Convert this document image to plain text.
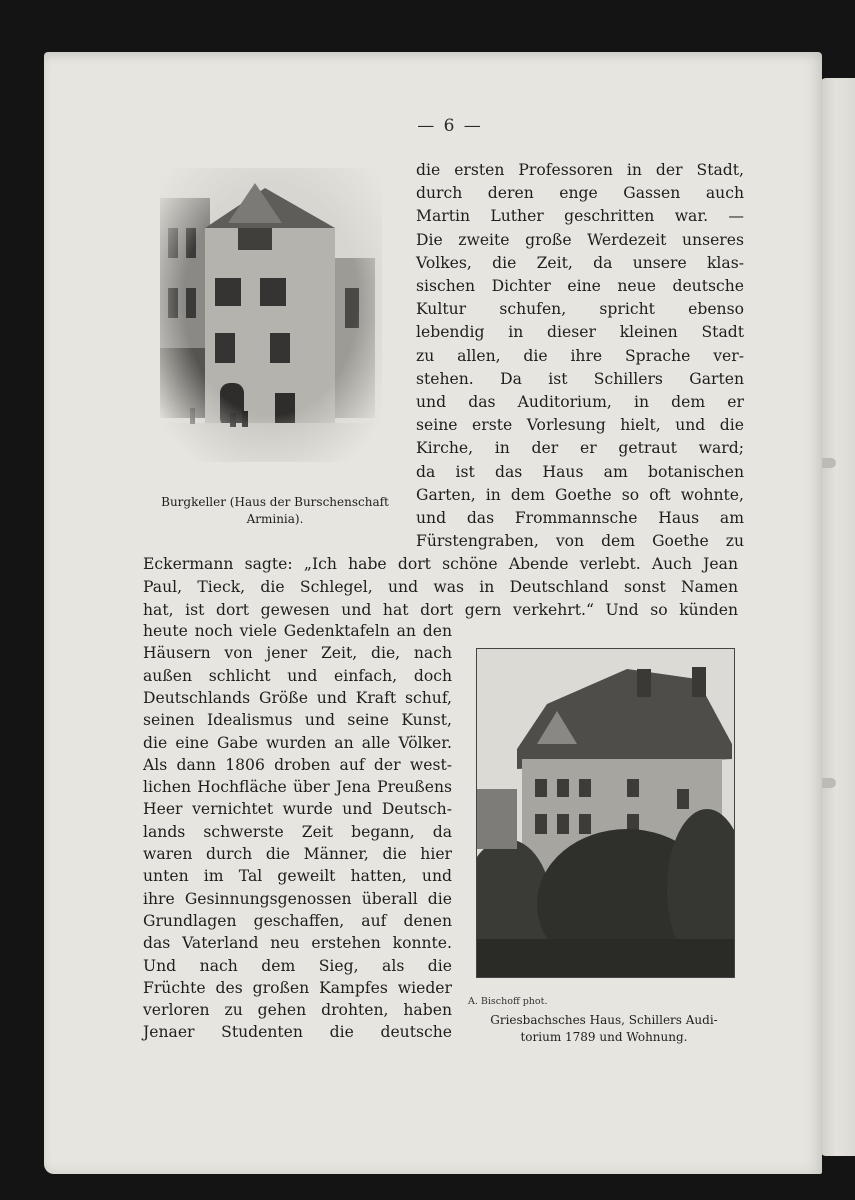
— 6 —
Burgkeller (Haus der Burschenschaft
Arminia).
A. Bischoff phot.
Griesbachsches Haus, Schillers Audi-
torium 1789 und Wohnung.
die ersten Professoren in der Stadt,
durch deren enge Gassen auch
Martin Luther geschritten war. —
Die zweite große Werdezeit unseres
Volkes, die Zeit, da unsere klas-
sischen Dichter eine neue deutsche
Kultur schufen, spricht ebenso
lebendig in dieser kleinen Stadt
zu allen, die ihre Sprache ver-
stehen. Da ist Schillers Garten
und das Auditorium, in dem er
seine erste Vorlesung hielt, und die
Kirche, in der er getraut ward;
da ist das Haus am botanischen
Garten, in dem Goethe so oft wohnte,
und das Frommannsche Haus am
Fürstengraben, von dem Goethe zu
Eckermann sagte: „Ich habe dort schöne Abende verlebt. Auch Jean
Paul, Tieck, die Schlegel, und was in Deutschland sonst Namen
hat, ist dort gewesen und hat dort gern verkehrt.“ Und so künden
heute noch viele Gedenktafeln an den
Häusern von jener Zeit, die, nach
außen schlicht und einfach, doch
Deutschlands Größe und Kraft schuf,
seinen Idealismus und seine Kunst,
die eine Gabe wurden an alle Völker.
Als dann 1806 droben auf der west-
lichen Hochfläche über Jena Preußens
Heer vernichtet wurde und Deutsch-
lands schwerste Zeit begann, da
waren durch die Männer, die hier
unten im Tal geweilt hatten, und
ihre Gesinnungsgenossen überall die
Grundlagen geschaffen, auf denen
das Vaterland neu erstehen konnte.
Und nach dem Sieg, als die
Früchte des großen Kampfes wieder
verloren zu gehen drohten, haben
Jenaer Studenten die deutsche
